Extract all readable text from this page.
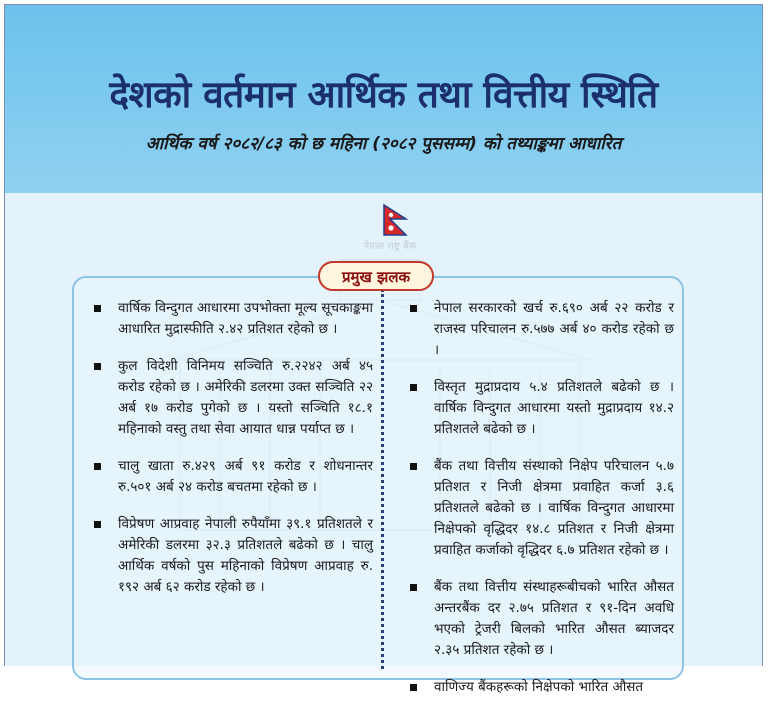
देशको वर्तमान आर्थिक तथा वित्तीय स्थिति
आर्थिक वर्ष २०८२/८३ को छ महिना (२०८२ पुससम्म) को तथ्याङ्कमा आधारित
नेपाल राष्ट्र बैंक
प्रमुख झलक
वार्षिक विन्दुगत आधारमा उपभोक्ता मूल्य सूचकाङ्कमा आधारित मुद्रास्फीति २.४२ प्रतिशत रहेको छ ।
कुल विदेशी विनिमय सञ्चिति रु.२२४२ अर्ब ४५ करोड रहेको छ । अमेरिकी डलरमा उक्त सञ्चिति २२ अर्ब १७ करोड पुगेको छ । यस्तो सञ्चिति १८.१ महिनाको वस्तु तथा सेवा आयात धान्न पर्याप्त छ ।
चालु खाता रु.४२९ अर्ब ९१ करोड र शोधनान्तर रु.५०१ अर्ब २४ करोड बचतमा रहेको छ ।
विप्रेषण आप्रवाह नेपाली रुपैयाँमा ३९.१ प्रतिशतले र अमेरिकी डलरमा ३२.३ प्रतिशतले बढेको छ । चालु आर्थिक वर्षको पुस महिनाको विप्रेषण आप्रवाह रु. १९२ अर्ब ६२ करोड रहेको छ ।
नेपाल सरकारको खर्च रु.६९० अर्ब २२ करोड र राजस्व परिचालन रु.५७७ अर्ब ४० करोड रहेको छ ।
विस्तृत मुद्राप्रदाय ५.४ प्रतिशतले बढेको छ । वार्षिक विन्दुगत आधारमा यस्तो मुद्राप्रदाय १४.२ प्रतिशतले बढेको छ ।
बैंक तथा वित्तीय संस्थाको निक्षेप परिचालन ५.७ प्रतिशत र निजी क्षेत्रमा प्रवाहित कर्जा ३.६ प्रतिशतले बढेको छ । वार्षिक विन्दुगत आधारमा निक्षेपको वृद्धिदर १४.८ प्रतिशत र निजी क्षेत्रमा प्रवाहित कर्जाको वृद्धिदर ६.७ प्रतिशत रहेको छ ।
बैंक तथा वित्तीय संस्थाहरूबीचको भारित औसत अन्तरबैंक दर २.७५ प्रतिशत र ९१-दिन अवधि भएको ट्रेजरी बिलको भारित औसत ब्याजदर २.३५ प्रतिशत रहेको छ ।
वाणिज्य बैंकहरूको निक्षेपको भारित औसत
